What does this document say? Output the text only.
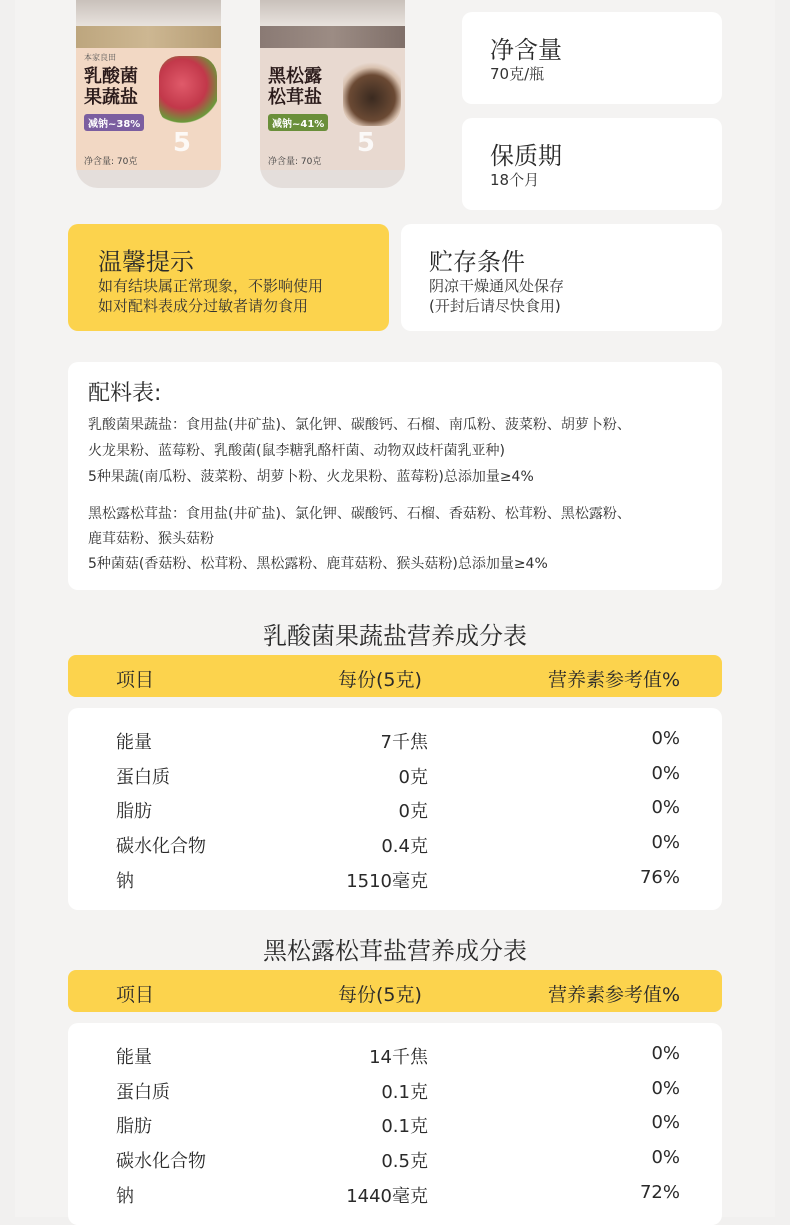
本家良田
乳酸菌果蔬盐
减钠~38%
5
净含量: 70克
黑松露松茸盐
减钠~41%
5
净含量: 70克
净含量
70克/瓶
保质期
18个月
温馨提示
如有结块属正常现象，不影响使用
如对配料表成分过敏者请勿食用
贮存条件
阴凉干燥通风处保存
(开封后请尽快食用)
配料表:
乳酸菌果蔬盐：食用盐(井矿盐)、氯化钾、碳酸钙、石榴、南瓜粉、菠菜粉、胡萝卜粉、
火龙果粉、蓝莓粉、乳酸菌(鼠李糖乳酪杆菌、动物双歧杆菌乳亚种)
5种果蔬(南瓜粉、菠菜粉、胡萝卜粉、火龙果粉、蓝莓粉)总添加量≥4%
黑松露松茸盐：食用盐(井矿盐)、氯化钾、碳酸钙、石榴、香菇粉、松茸粉、黑松露粉、
鹿茸菇粉、猴头菇粉
5种菌菇(香菇粉、松茸粉、黑松露粉、鹿茸菇粉、猴头菇粉)总添加量≥4%
乳酸菌果蔬盐营养成分表
项目	每份(5克)	营养素参考值%
能量	7千焦	0%
蛋白质	0克	0%
脂肪	0克	0%
碳水化合物	0.4克	0%
钠	1510毫克	76%
黑松露松茸盐营养成分表
项目	每份(5克)	营养素参考值%
能量	14千焦	0%
蛋白质	0.1克	0%
脂肪	0.1克	0%
碳水化合物	0.5克	0%
钠	1440毫克	72%
